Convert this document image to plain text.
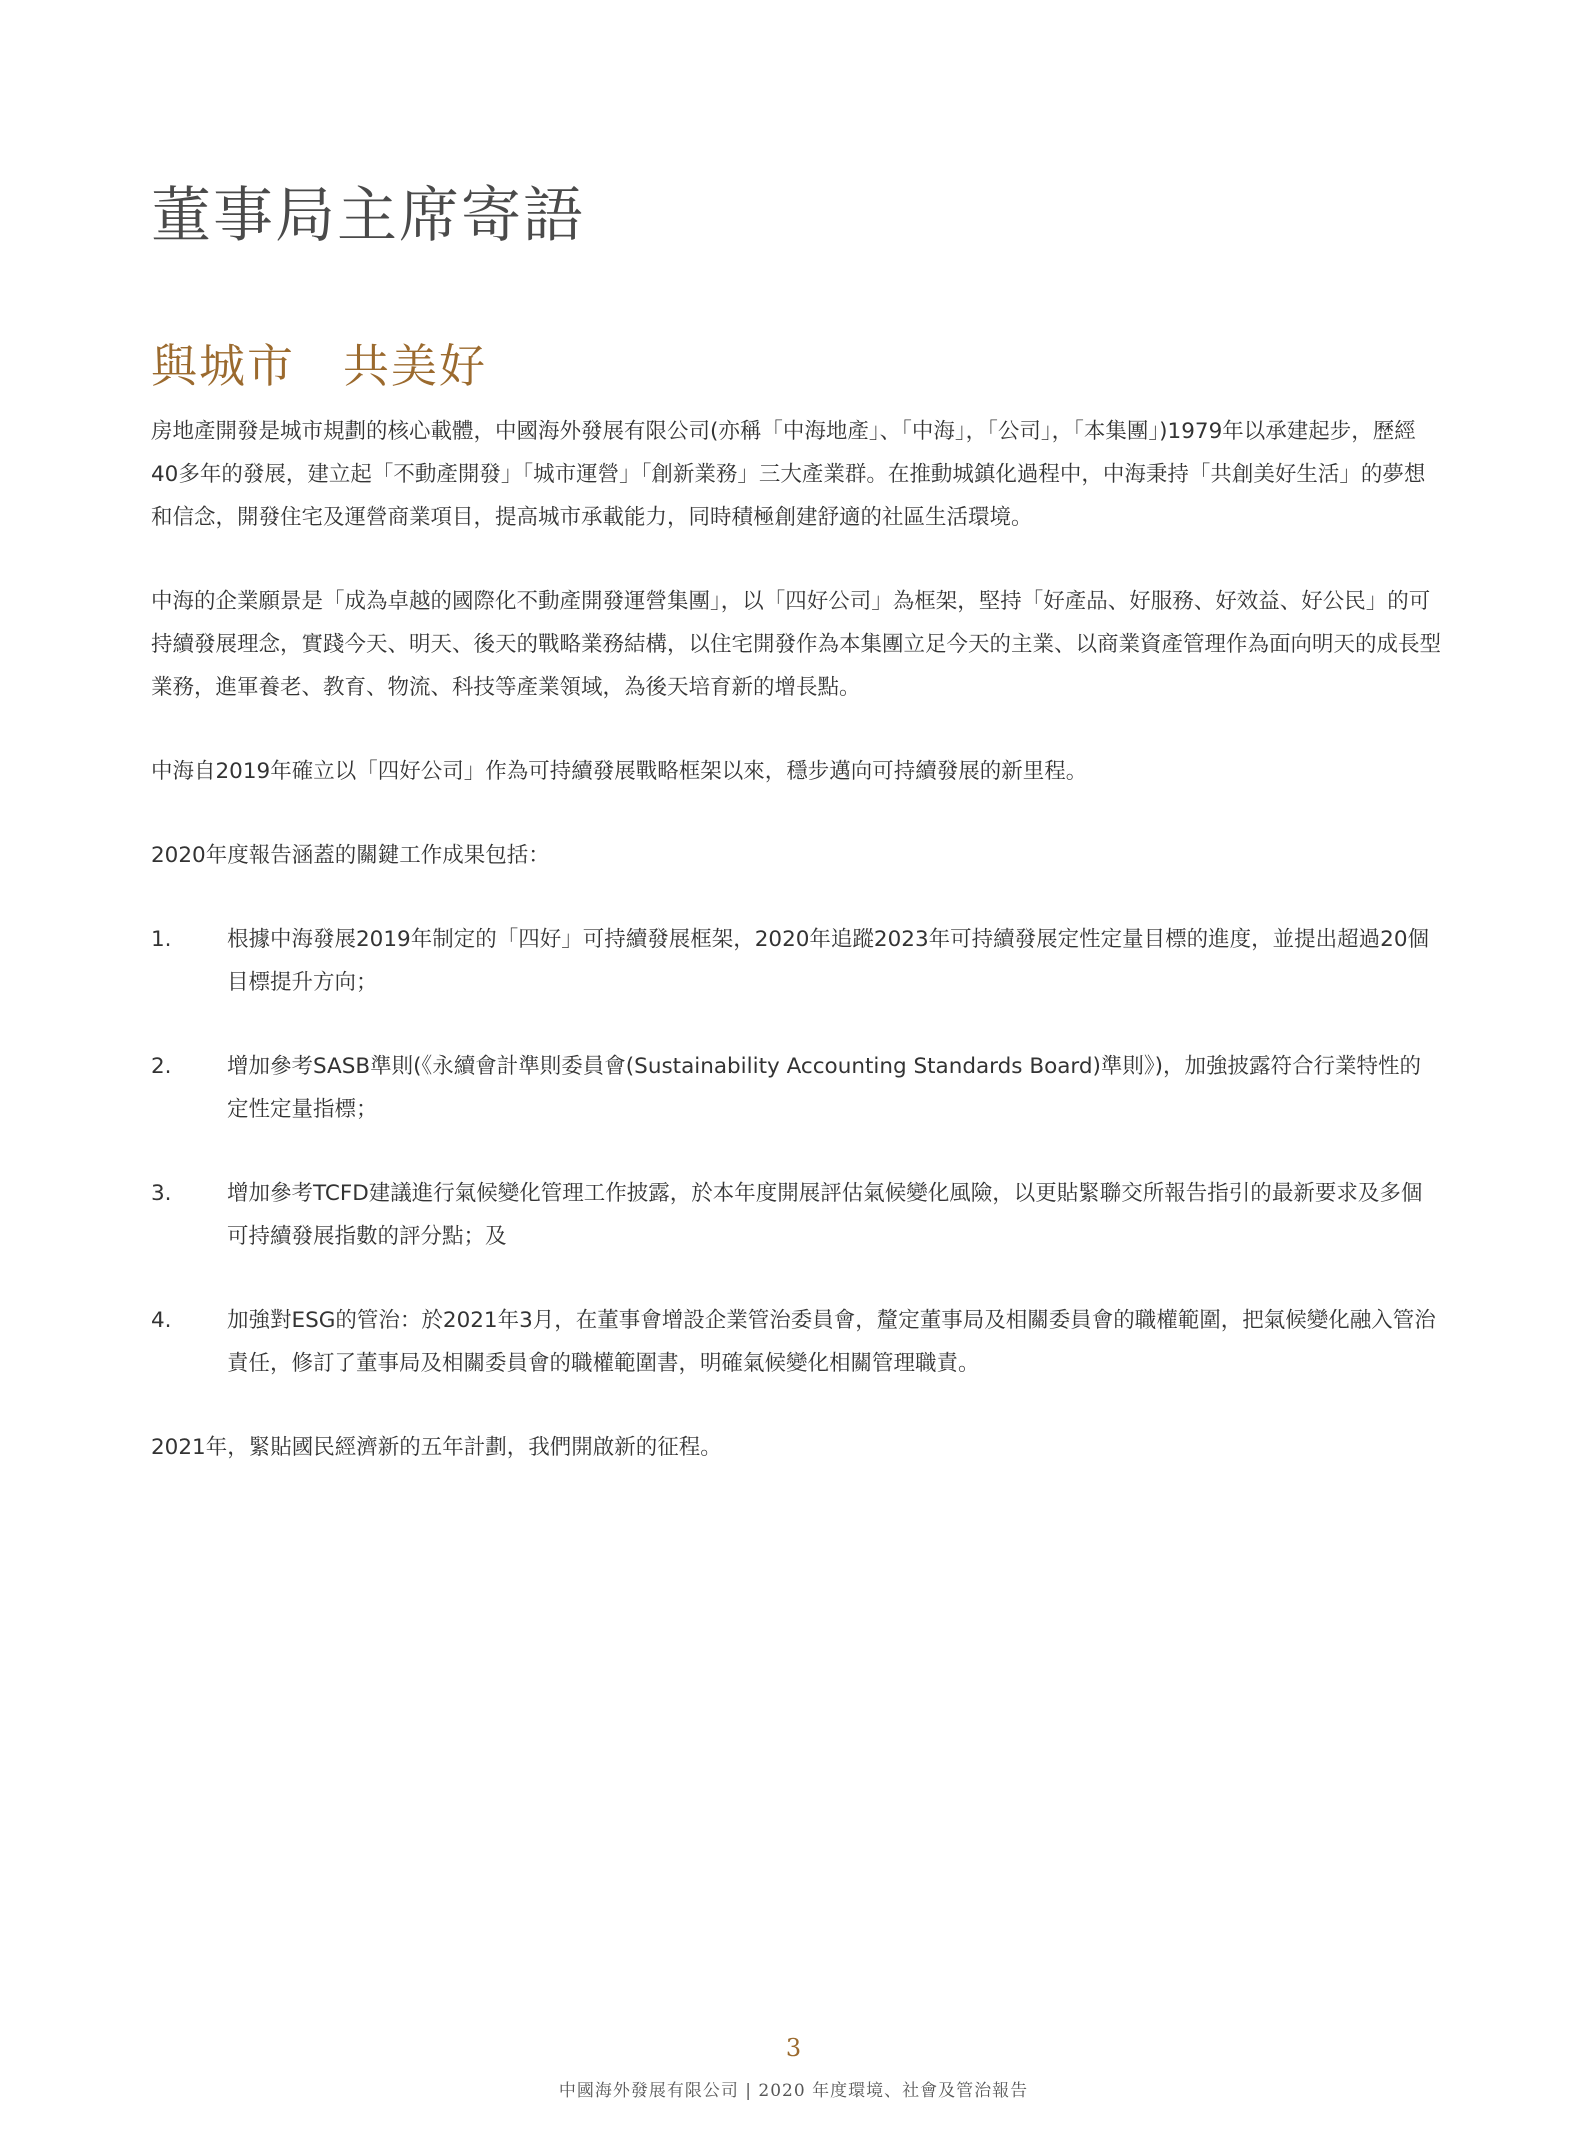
董事局主席寄語
與城市　共美好

房地產開發是城市規劃的核心載體，中國海外發展有限公司(亦稱「中海地產」、「中海」，「公司」，「本集團」)1979年以承建起步，歷經40多年的發展，建立起「不動產開發」「城市運營」「創新業務」三大產業群。在推動城鎮化過程中，中海秉持「共創美好生活」的夢想和信念，開發住宅及運營商業項目，提高城市承載能力，同時積極創建舒適的社區生活環境。

中海的企業願景是「成為卓越的國際化不動產開發運營集團」，以「四好公司」為框架，堅持「好產品、好服務、好效益、好公民」的可持續發展理念，實踐今天、明天、後天的戰略業務結構，以住宅開發作為本集團立足今天的主業、以商業資產管理作為面向明天的成長型業務，進軍養老、教育、物流、科技等產業領域，為後天培育新的增長點。

中海自2019年確立以「四好公司」作為可持續發展戰略框架以來，穩步邁向可持續發展的新里程。

2020年度報告涵蓋的關鍵工作成果包括：

1.	根據中海發展2019年制定的「四好」可持續發展框架，2020年追蹤2023年可持續發展定性定量目標的進度，並提出超過20個目標提升方向；
2.	增加參考SASB準則(《永續會計準則委員會(Sustainability Accounting Standards Board)準則》)，加強披露符合行業特性的定性定量指標；
3.	增加參考TCFD建議進行氣候變化管理工作披露，於本年度開展評估氣候變化風險，以更貼緊聯交所報告指引的最新要求及多個可持續發展指數的評分點；及
4.	加強對ESG的管治：於2021年3月，在董事會增設企業管治委員會，釐定董事局及相關委員會的職權範圍，把氣候變化融入管治責任，修訂了董事局及相關委員會的職權範圍書，明確氣候變化相關管理職責。

2021年，緊貼國民經濟新的五年計劃，我們開啟新的征程。

3
中國海外發展有限公司 | 2020 年度環境、社會及管治報告
